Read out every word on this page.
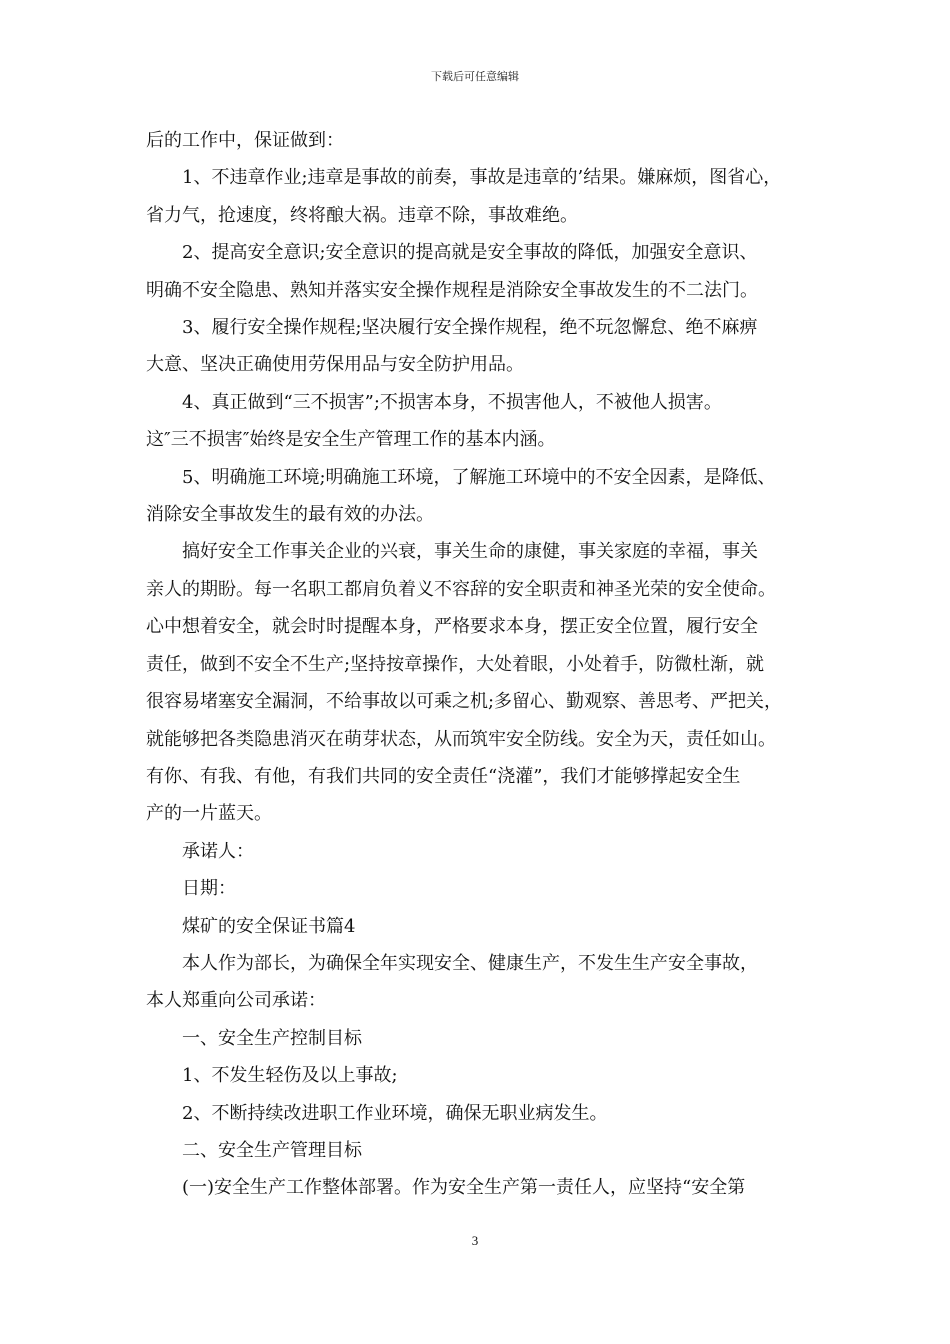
下载后可任意编辑

后的工作中，保证做到：

　　1、不违章作业;违章是事故的前奏，事故是违章的’结果。嫌麻烦，图省心，

省力气，抢速度，终将酿大祸。违章不除，事故难绝。

　　2、提高安全意识;安全意识的提高就是安全事故的降低，加强安全意识、

明确不安全隐患、熟知并落实安全操作规程是消除安全事故发生的不二法门。

　　3、履行安全操作规程;坚决履行安全操作规程，绝不玩忽懈怠、绝不麻痹

大意、坚决正确使用劳保用品与安全防护用品。

　　4、真正做到“三不损害”;不损害本身，不损害他人，不被他人损害。

这″三不损害″始终是安全生产管理工作的基本内涵。

　　5、明确施工环境;明确施工环境，了解施工环境中的不安全因素，是降低、

消除安全事故发生的最有效的办法。

　　搞好安全工作事关企业的兴衰，事关生命的康健，事关家庭的幸福，事关

亲人的期盼。每一名职工都肩负着义不容辞的安全职责和神圣光荣的安全使命。

心中想着安全，就会时时提醒本身，严格要求本身，摆正安全位置，履行安全

责任，做到不安全不生产;坚持按章操作，大处着眼，小处着手，防微杜渐，就

很容易堵塞安全漏洞，不给事故以可乘之机;多留心、勤观察、善思考、严把关，

就能够把各类隐患消灭在萌芽状态，从而筑牢安全防线。安全为天，责任如山。

有你、有我、有他，有我们共同的安全责任“浇灌”，我们才能够撑起安全生

产的一片蓝天。

　　承诺人：

　　日期：

　　煤矿的安全保证书篇4

　　本人作为部长，为确保全年实现安全、健康生产，不发生生产安全事故，

本人郑重向公司承诺：

　　一、安全生产控制目标

　　1、不发生轻伤及以上事故;

　　2、不断持续改进职工作业环境，确保无职业病发生。

　　二、安全生产管理目标

　　(一)安全生产工作整体部署。作为安全生产第一责任人，应坚持“安全第

3
